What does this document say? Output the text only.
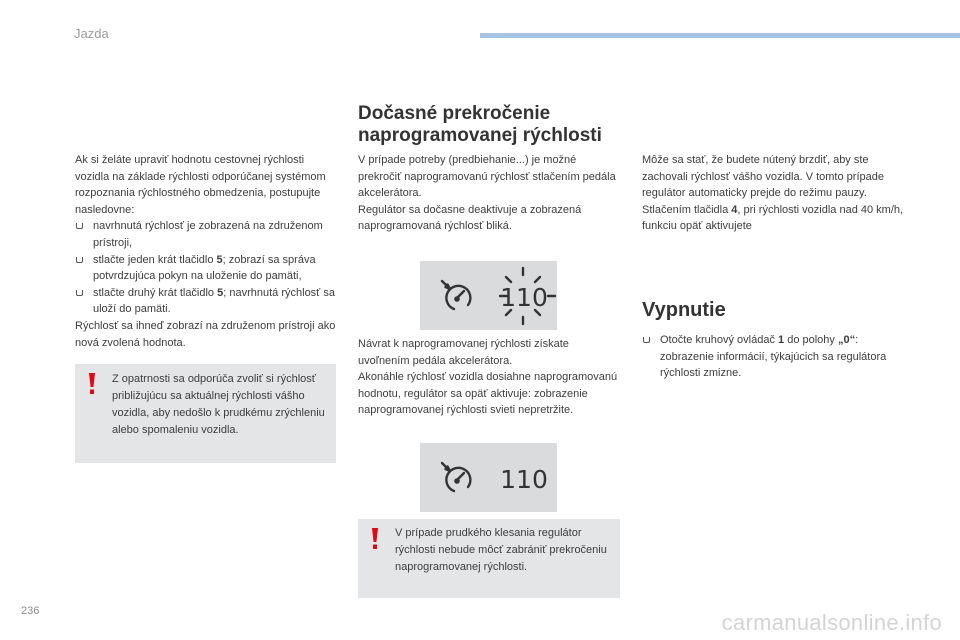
Jazda

Ak si želáte upraviť hodnotu cestovnej rýchlosti vozidla na základe rýchlosti odporúčanej systémom rozpoznania rýchlostného obmedzenia, postupujte nasledovne:

navrhnutá rýchlosť je zobrazená na združenom prístroji,
stlačte jeden krát tlačidlo 5; zobrazí sa správa potvrdzujúca pokyn na uloženie do pamäti,
stlačte druhý krát tlačidlo 5; navrhnutá rýchlosť sa uloží do pamäti.

Rýchlosť sa ihneď zobrazí na združenom prístroji ako nová zvolená hodnota.

Z opatrnosti sa odporúča zvoliť si rýchlosť približujúcu sa aktuálnej rýchlosti vášho vozidla, aby nedošlo k prudkému zrýchleniu alebo spomaleniu vozidla.
Dočasné prekročenie naprogramovanej rýchlosti

V prípade potreby (predbiehanie...) je možné prekročiť naprogramovanú rýchlosť stlačením pedála akcelerátora.

Regulátor sa dočasne deaktivuje a zobrazená naprogramovaná rýchlosť bliká.

110

Návrat k naprogramovanej rýchlosti získate uvoľnením pedála akcelerátora.

Akonáhle rýchlosť vozidla dosiahne naprogramovanú hodnotu, regulátor sa opäť aktivuje: zobrazenie naprogramovanej rýchlosti svieti nepretržite.

110
V prípade prudkého klesania regulátor rýchlosti nebude môcť zabrániť prekročeniu naprogramovanej rýchlosti.

Môže sa stať, že budete nútený brzdiť, aby ste zachovali rýchlosť vášho vozidla. V tomto prípade regulátor automaticky prejde do režimu pauzy.

Stlačením tlačidla 4, pri rýchlosti vozidla nad 40 km/h, funkciu opäť aktivujete

Vypnutie
Otočte kruhový ovládač 1 do polohy „0“: zobrazenie informácií, týkajúcich sa regulátora rýchlosti zmizne.
236	carmanualsonline.info
